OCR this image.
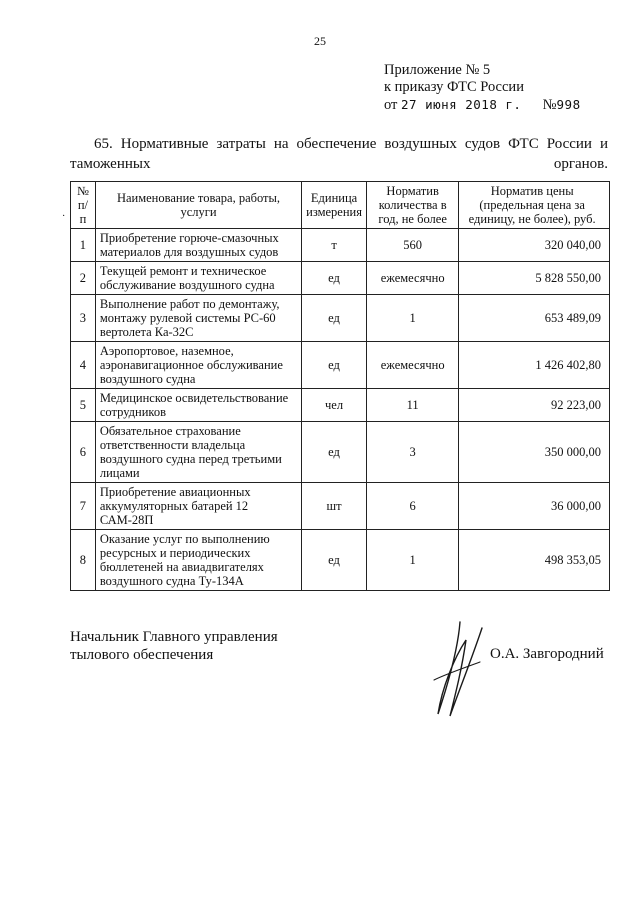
25
Приложение № 5
к приказу ФТС России
от 27 июня 2018 г. №998
65. Нормативные затраты на обеспечение воздушных судов ФТС России и таможенных органов.
·
№ п/п	Наименование товара, работы, услуги	Единица измерения	Норматив количества в год, не более	Норматив цены (предельная цена за единицу, не более), руб.
1	Приобретение горюче-смазочных материалов для воздушных судов	т	560	320 040,00
2	Текущей ремонт и техническое обслуживание воздушного судна	ед	ежемесячно	5 828 550,00
3	Выполнение работ по демонтажу, монтажу рулевой системы РС-60 вертолета Ка-32С	ед	1	653 489,09
4	Аэропортовое, наземное, аэронавигационное обслуживание воздушного судна	ед	ежемесячно	1 426 402,80
5	Медицинское освидетельствование сотрудников	чел	11	92 223,00
6	Обязательное страхование ответственности владельца воздушного судна перед третьими лицами	ед	3	350 000,00
7	Приобретение авиационных аккумуляторных батарей 12 САМ-28П	шт	6	36 000,00
8	Оказание услуг по выполнению ресурсных и периодических бюллетеней на авиадвигателях воздушного судна Ту-134А	ед	1	498 353,05
Начальник Главного управления
тылового обеспечения	О.А. Завгородний
